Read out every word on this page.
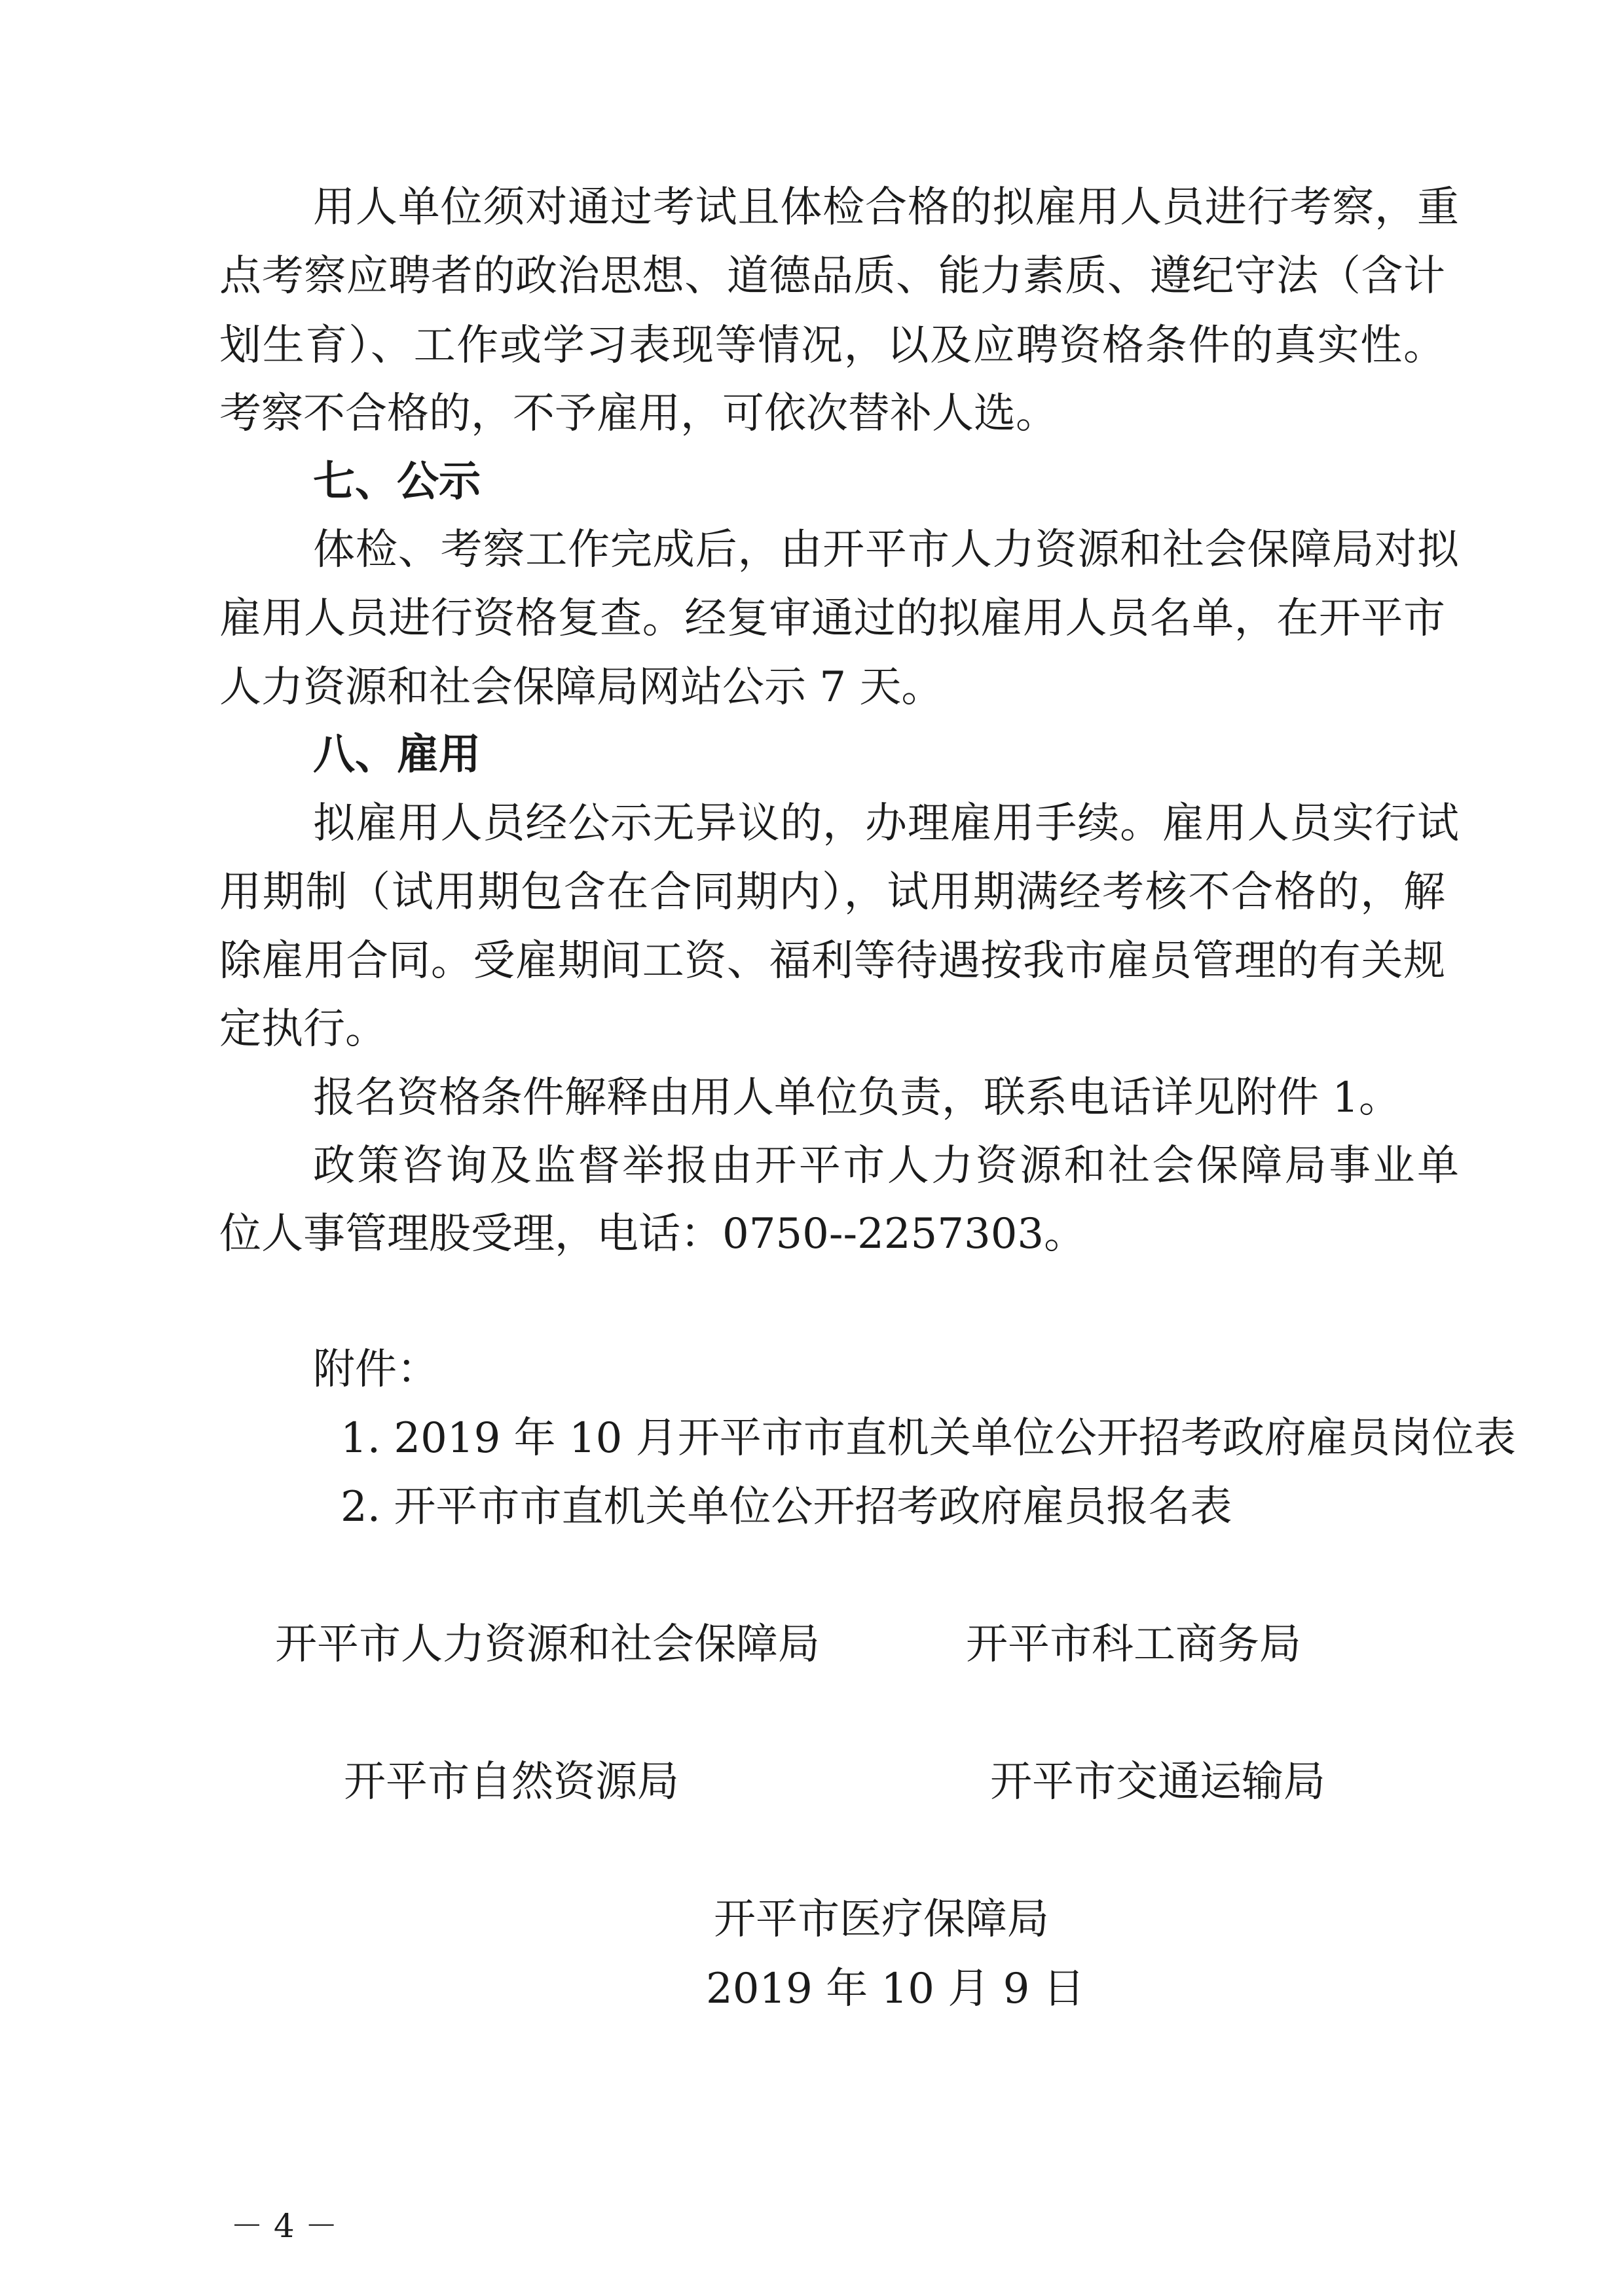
用人单位须对通过考试且体检合格的拟雇用人员进行考察，重
点考察应聘者的政治思想、道德品质、能力素质、遵纪守法（含计
划生育）、工作或学习表现等情况，以及应聘资格条件的真实性。
考察不合格的，不予雇用，可依次替补人选。
七、公示
体检、考察工作完成后，由开平市人力资源和社会保障局对拟
雇用人员进行资格复查。经复审通过的拟雇用人员名单，在开平市
人力资源和社会保障局网站公示 7 天。
八、雇用
拟雇用人员经公示无异议的，办理雇用手续。雇用人员实行试
用期制（试用期包含在合同期内），试用期满经考核不合格的，解
除雇用合同。受雇期间工资、福利等待遇按我市雇员管理的有关规
定执行。
报名资格条件解释由用人单位负责，联系电话详见附件 1。
政策咨询及监督举报由开平市人力资源和社会保障局事业单
位人事管理股受理，电话：0750--2257303。
附件：
1. 2019 年 10 月开平市市直机关单位公开招考政府雇员岗位表
2. 开平市市直机关单位公开招考政府雇员报名表
开平市人力资源和社会保障局	开平市科工商务局
开平市自然资源局	开平市交通运输局
开平市医疗保障局
2019 年 10 月 9 日
－ 4 －
